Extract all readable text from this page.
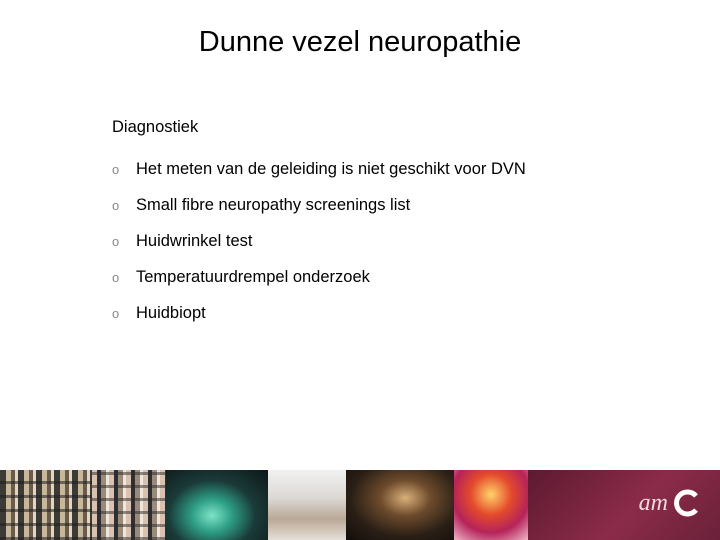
Dunne vezel neuropathie
Diagnostiek
o	Het meten van de geleiding is niet geschikt voor DVN
o	Small fibre neuropathy screenings list
o	Huidwrinkel test
o	Temperatuurdrempel onderzoek
o	Huidbiopt
am
